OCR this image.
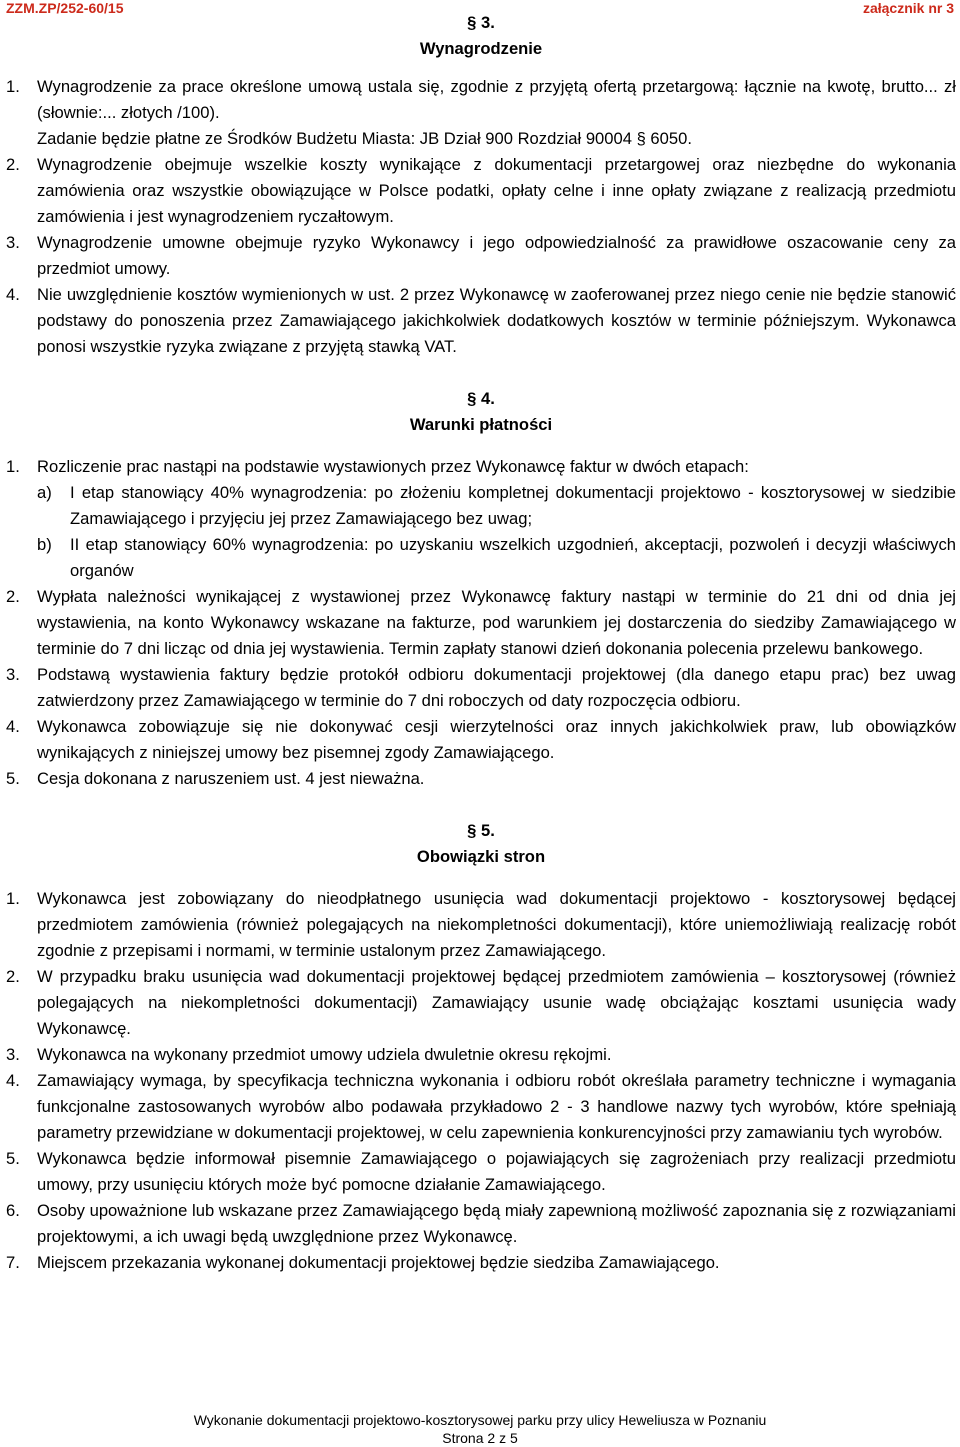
ZZM.ZP/252-60/15	załącznik nr 3
§ 3.
Wynagrodzenie
1.	Wynagrodzenie za prace określone umową ustala się, zgodnie z przyjętą ofertą przetargową: łącznie na kwotę, brutto... zł (słownie:... złotych /100).
Zadanie będzie płatne ze Środków Budżetu Miasta: JB Dział 900 Rozdział 90004 § 6050.
2.	Wynagrodzenie obejmuje wszelkie koszty wynikające z dokumentacji przetargowej oraz niezbędne do wykonania zamówienia oraz wszystkie obowiązujące w Polsce podatki, opłaty celne i inne opłaty związane z realizacją przedmiotu zamówienia i jest wynagrodzeniem ryczałtowym.
3.	Wynagrodzenie umowne obejmuje ryzyko Wykonawcy i jego odpowiedzialność za prawidłowe oszacowanie ceny za przedmiot umowy.
4.	Nie uwzględnienie kosztów wymienionych w ust. 2 przez Wykonawcę w zaoferowanej przez niego cenie nie będzie stanowić podstawy do ponoszenia przez Zamawiającego jakichkolwiek dodatkowych kosztów w terminie późniejszym. Wykonawca ponosi wszystkie ryzyka związane z przyjętą stawką VAT.
§ 4.
Warunki płatności
1.	Rozliczenie prac nastąpi na podstawie wystawionych przez Wykonawcę faktur w dwóch etapach:
a)	I etap stanowiący 40% wynagrodzenia: po złożeniu kompletnej dokumentacji projektowo - kosztorysowej w siedzibie Zamawiającego i przyjęciu jej przez Zamawiającego bez uwag;
b)	II etap stanowiący 60% wynagrodzenia: po uzyskaniu wszelkich uzgodnień, akceptacji, pozwoleń i decyzji właściwych organów
2.	Wypłata należności wynikającej z wystawionej przez Wykonawcę faktury nastąpi w terminie do 21 dni od dnia jej wystawienia, na konto Wykonawcy wskazane na fakturze, pod warunkiem jej dostarczenia do siedziby Zamawiającego w terminie do 7 dni licząc od dnia jej wystawienia. Termin zapłaty stanowi dzień dokonania polecenia przelewu bankowego.
3.	Podstawą wystawienia faktury będzie protokół odbioru dokumentacji projektowej (dla danego etapu prac) bez uwag zatwierdzony przez Zamawiającego w terminie do 7 dni roboczych od daty rozpoczęcia odbioru.
4.	Wykonawca zobowiązuje się nie dokonywać cesji wierzytelności oraz innych jakichkolwiek praw, lub obowiązków wynikających z niniejszej umowy bez pisemnej zgody Zamawiającego.
5.	Cesja dokonana z naruszeniem ust. 4 jest nieważna.
§ 5.
Obowiązki stron
1.	Wykonawca jest zobowiązany do nieodpłatnego usunięcia wad dokumentacji projektowo - kosztorysowej będącej przedmiotem zamówienia (również polegających na niekompletności dokumentacji), które uniemożliwiają realizację robót zgodnie z przepisami i normami, w terminie ustalonym przez Zamawiającego.
2.	W przypadku braku usunięcia wad dokumentacji projektowej będącej przedmiotem zamówienia – kosztorysowej (również polegających na niekompletności dokumentacji) Zamawiający usunie wadę obciążając kosztami usunięcia wady Wykonawcę.
3.	Wykonawca na wykonany przedmiot umowy udziela dwuletnie okresu rękojmi.
4.	Zamawiający wymaga, by specyfikacja techniczna wykonania i odbioru robót określała parametry techniczne i wymagania funkcjonalne zastosowanych wyrobów albo podawała przykładowo 2 - 3 handlowe nazwy tych wyrobów, które spełniają parametry przewidziane w dokumentacji projektowej, w celu zapewnienia konkurencyjności przy zamawianiu tych wyrobów.
5.	Wykonawca będzie informował pisemnie Zamawiającego o pojawiających się zagrożeniach przy realizacji przedmiotu umowy, przy usunięciu których może być pomocne działanie Zamawiającego.
6.	Osoby upoważnione lub wskazane przez Zamawiającego będą miały zapewnioną możliwość zapoznania się z rozwiązaniami projektowymi, a ich uwagi będą uwzględnione przez Wykonawcę.
7.	Miejscem przekazania wykonanej dokumentacji projektowej będzie siedziba Zamawiającego.
Wykonanie dokumentacji projektowo-kosztorysowej parku przy ulicy Heweliusza w Poznaniu
Strona 2 z 5
